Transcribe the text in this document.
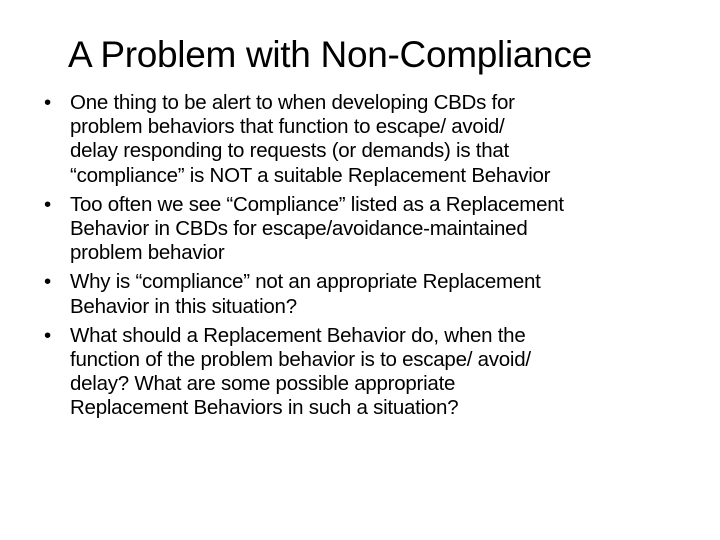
A Problem with Non-Compliance
• One thing to be alert to when developing CBDs for
problem behaviors that function to escape/ avoid/
delay responding to requests (or demands) is that
“compliance” is NOT a suitable Replacement Behavior
• Too often we see “Compliance” listed as a Replacement
Behavior in CBDs for escape/avoidance-maintained
problem behavior
• Why is “compliance” not an appropriate Replacement
Behavior in this situation?
• What should a Replacement Behavior do, when the
function of the problem behavior is to escape/ avoid/
delay? What are some possible appropriate
Replacement Behaviors in such a situation?
